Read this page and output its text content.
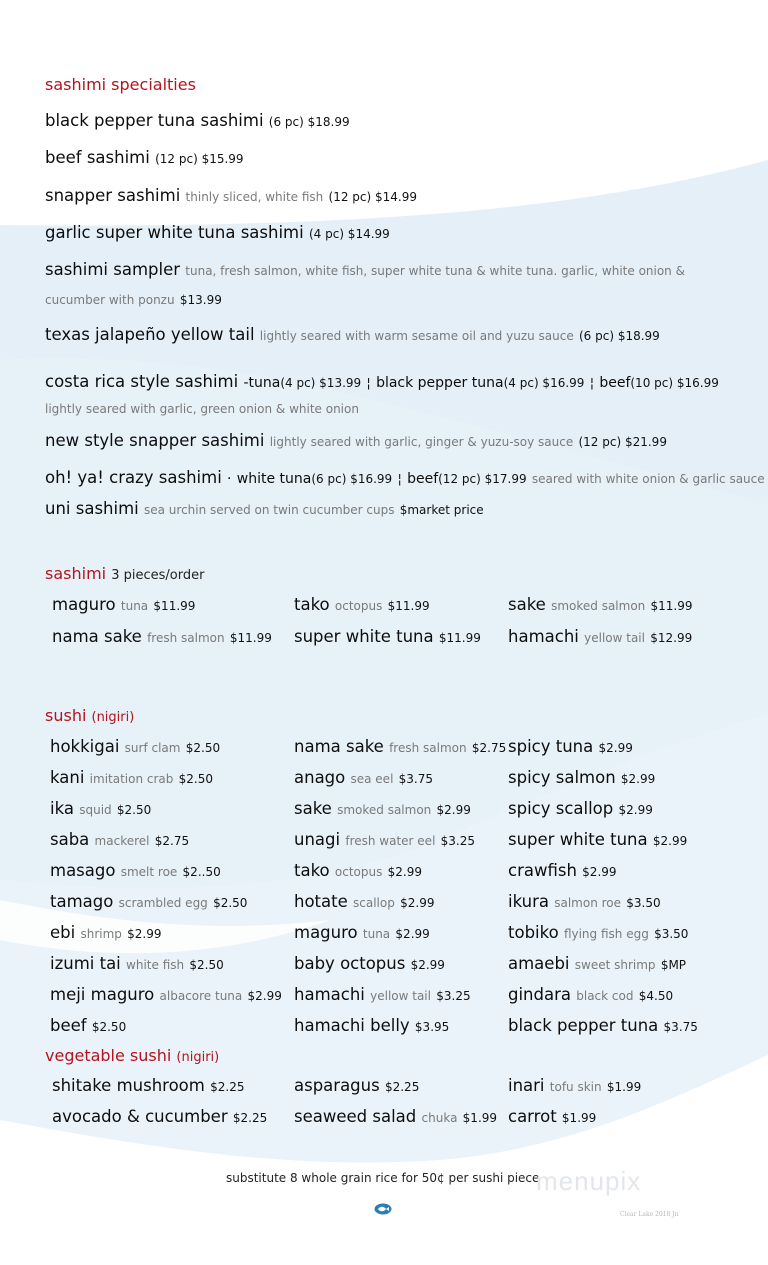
sashimi specialties
black pepper tuna sashimi (6 pc) $18.99
beef sashimi (12 pc) $15.99
snapper sashimi thinly sliced, white fish (12 pc) $14.99
garlic super white tuna sashimi (4 pc) $14.99
sashimi sampler tuna, fresh salmon, white fish, super white tuna & white tuna. garlic, white onion & cucumber with ponzu $13.99
texas jalapeño yellow tail lightly seared with warm sesame oil and yuzu sauce (6 pc) $18.99
costa rica style sashimi -tuna(4 pc) $13.99 ¦ black pepper tuna(4 pc) $16.99 ¦ beef(10 pc) $16.99
lightly seared with garlic, green onion & white onion
new style snapper sashimi lightly seared with garlic, ginger & yuzu-soy sauce (12 pc) $21.99
oh! ya! crazy sashimi · white tuna(6 pc) $16.99 ¦ beef(12 pc) $17.99 seared with white onion & garlic sauce
uni sashimi sea urchin served on twin cucumber cups $market price
sashimi 3 pieces/order
maguro tuna $11.99	tako octopus $11.99	sake smoked salmon $11.99
nama sake fresh salmon $11.99 super white tuna $11.99 hamachi yellow tail $12.99
sushi (nigiri)
hokkigai surf clam $2.50	nama sake fresh salmon $2.75 spicy tuna $2.99
kani imitation crab $2.50	anago sea eel $3.75	spicy salmon $2.99
ika squid $2.50	sake smoked salmon $2.99 spicy scallop $2.99
saba mackerel $2.75	unagi fresh water eel $3.25 super white tuna $2.99
masago smelt roe $2..50	tako octopus $2.99	crawfish $2.99
tamago scrambled egg $2.50	hotate scallop $2.99	ikura salmon roe $3.50
ebi shrimp $2.99	maguro tuna $2.99	tobiko flying fish egg $3.50
izumi tai white fish $2.50	baby octopus $2.99	amaebi sweet shrimp $MP
meji maguro albacore tuna $2.99 hamachi yellow tail $3.25 gindara black cod $4.50
beef $2.50	hamachi belly $3.95	black pepper tuna $3.75
vegetable sushi (nigiri)
shitake mushroom $2.25	asparagus $2.25	inari tofu skin $1.99
avocado & cucumber $2.25 seaweed salad chuka $1.99 carrot $1.99
substitute 8 whole grain rice for 50¢ per sushi piece
menupix
Clear Lake 2018 Jn
